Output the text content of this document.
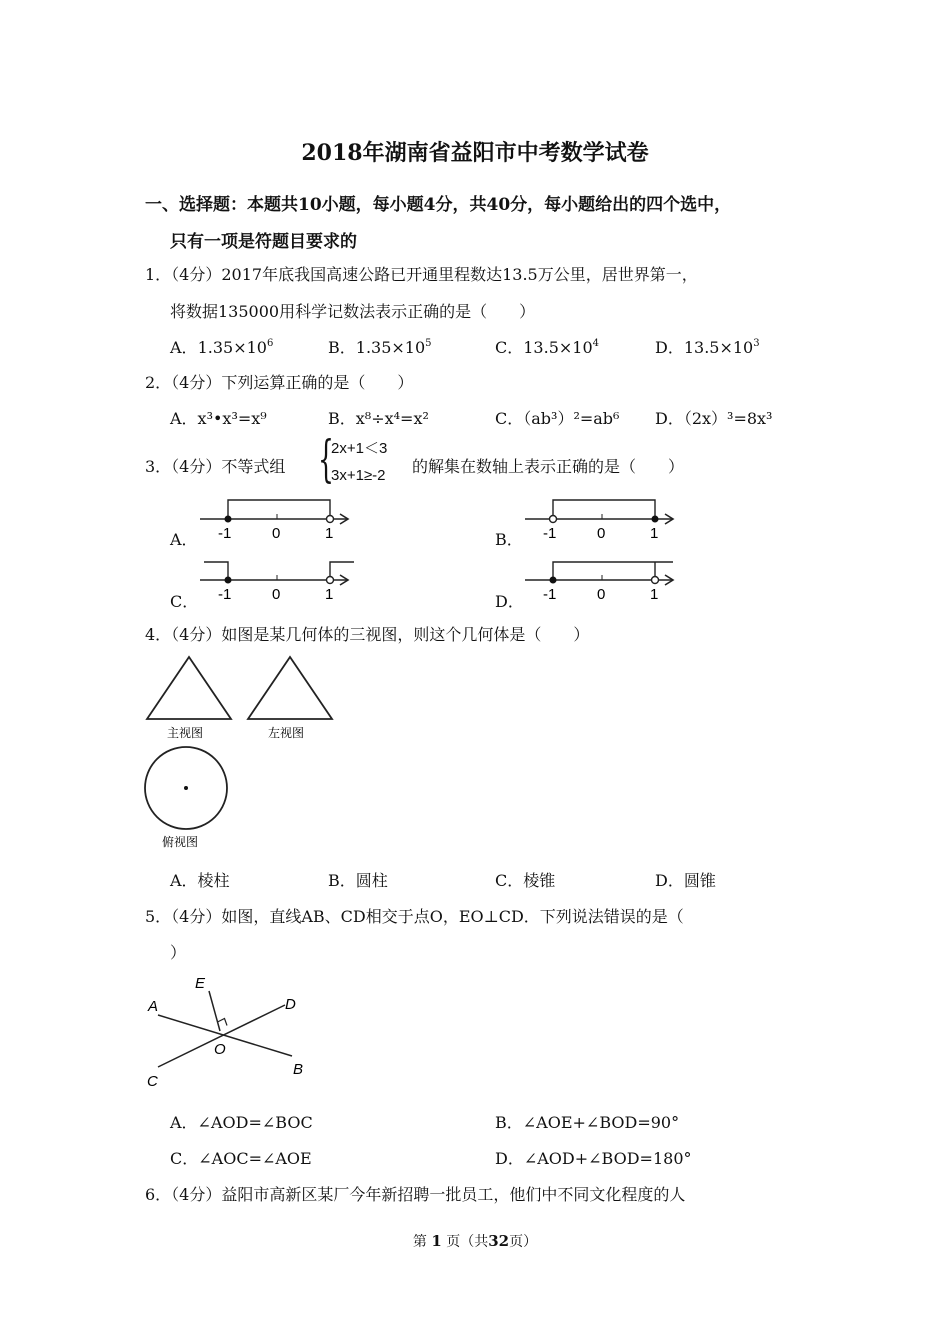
2018年湖南省益阳市中考数学试卷
一、选择题：本题共10小题，每小题4分，共40分，每小题给出的四个选中，
只有一项是符题目要求的
1．（4分）2017年底我国高速公路已开通里程数达13.5万公里，居世界第一，
将数据135000用科学记数法表示正确的是（　　）
A．$1.35\times 10^6$	B．$1.35\times 10^5$	C．$13.5\times 10^4$	D．$13.5\times 10^3$
2．（4分）下列运算正确的是（　　）
A．x³•x³=x⁹	B．x⁸÷x⁴=x²	C．（ab³）²=ab⁶ D．（2x）³=8x³
3．（4分）不等式组 {
2x+1＜3
3x+1≥-2 的解集在数轴上表示正确的是（　　）
A．	B．
C．	D．
-1	0	1	-1	0	1
-1	0	1	-1	0	1
4．（4分）如图是某几何体的三视图，则这个几何体是（　　）
主视图	左视图
俯视图
A．棱柱	B．圆柱	C．棱锥	D．圆锥
5．（4分）如图，直线AB、CD相交于点O，EO⊥CD．下列说法错误的是（
）
A
E
D
O
B
C
A．∠AOD=∠BOC	B．∠AOE+∠BOD=90°
C．∠AOC=∠AOE	D．∠AOD+∠BOD=180°
6．（4分）益阳市高新区某厂今年新招聘一批员工，他们中不同文化程度的人
第 1 页（共32页）
